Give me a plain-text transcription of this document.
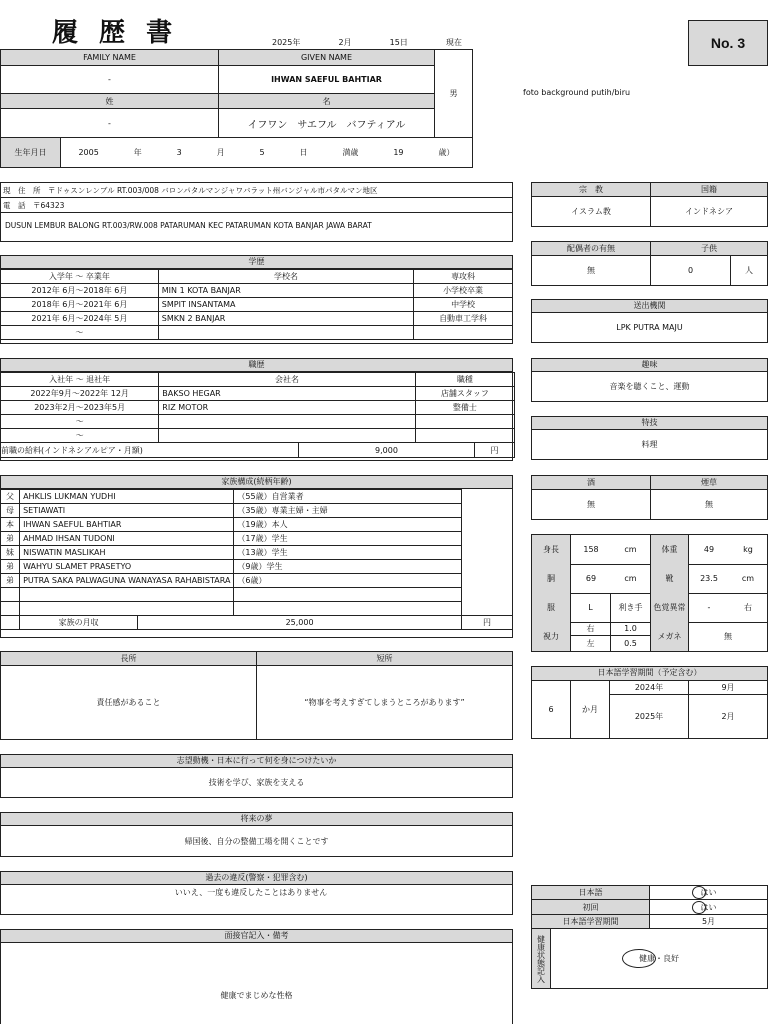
履 歴 書	2025年	2月	15日	現在	No. 3
foto background putih/biru
FAMILY NAME	GIVEN NAME
-	IHWAN SAEFUL BAHTIAR
姓	名
-	イフワン　サエフル　バフティアル
男
生年月日	2005	年	3	月	5	日	満歳	19	歳）
現　住　所　〒ドゥスンレンブル RT.003/008 バロンパタルマンジャワバラット州バンジャル市パタルマン地区
電　話　〒64323
DUSUN LEMBUR BALONG RT.003/RW.008 PATARUMAN KEC PATARUMAN KOTA BANJAR JAWA BARAT
宗　教	国籍
イスラム教	インドネシア
配偶者の有無	子供
無	0	人
送出機関
LPK PUTRA MAJU
趣味
音楽を聴くこと、運動
特技
料理
酒	煙草
無	無
身長	158	cm	体重	49	kg
胴	69	cm	靴	23.5	cm
服	L	利き手	色覚異常	-	右
視力
右	1.0
左	0.5
メガネ	無
日本語学習期間（予定含む）
6	か月
2024年	9月
2025年	2月
学歴
入学年 ～ 卒業年	学校名	専攻科
2012年 6月～2018年 6月	MIN 1 KOTA BANJAR	小学校卒業
2018年 6月～2021年 6月	SMPIT INSANTAMA	中学校
2021年 6月～2024年 5月	SMKN 2 BANJAR	自動車工学科
～		
職歴
入社年 ～ 退社年	会社名	職種
2022年9月～2022年 12月	BAKSO HEGAR	店舗スタッフ
2023年2月～2023年5月	RIZ MOTOR	整備士
～		
～		

前職の給料(インドネシアルピア・月額) 9,000 円		
家族構成(続柄年齢)
父	AHKLIS LUKMAN YUDHI		（55歳）自営業者	
母	SETIAWATI		（35歳）専業主婦・主婦	
本	IHWAN SAEFUL BAHTIAR		（19歳）本人	
弟	AHMAD IHSAN TUDONI		（17歳）学生	
妹	NISWATIN MASLIKAH		（13歳）学生	
弟	WAHYU SLAMET PRASETYO		（9歳）学生	
弟	PUTRA SAKA PALWAGUNA WANAYASA RAHABISTARA		（6歳）	

	家族の月収	25,000		円
長所	短所
責任感があること	“物事を考えすぎてしまうところがあります”
志望動機・日本に行って何を身につけたいか
技術を学び、家族を支える
将来の夢
帰国後、自分の整備工場を開くことです
過去の違反(警察・犯罪含む)
いいえ、一度も違反したことはありません
面接官記入・備考
健康でまじめな性格
日本語	はい
初回	はい
日本語学習期間	5月
健康状態記入	健康・良好
